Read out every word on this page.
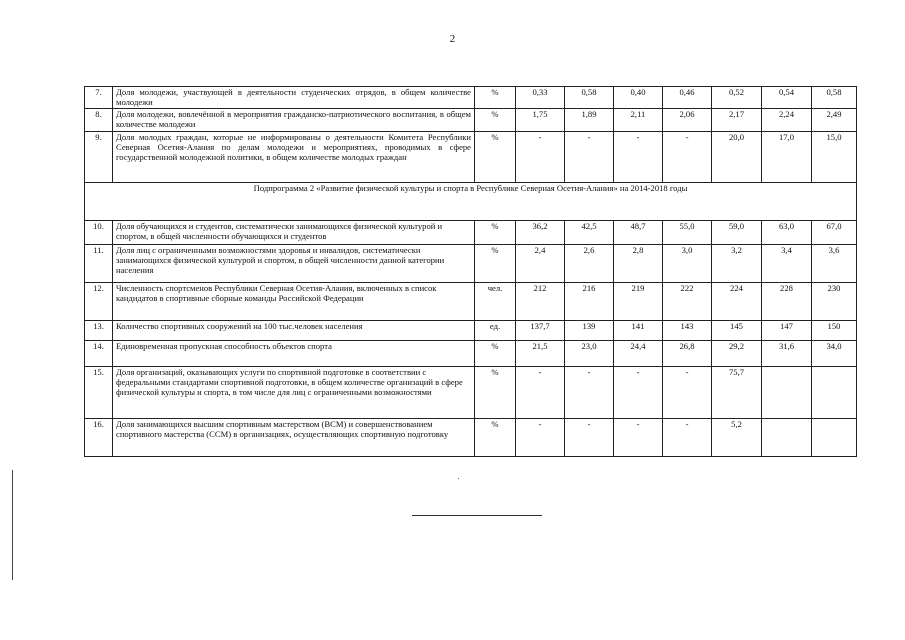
2
7.	Доля молодежи, участвующей в деятельности студенческих отрядов, в общем количестве молодежи	%	0,33	0,58	0,40	0,46	0,52	0,54	0,58
8.	Доля молодежи, вовлечённой в мероприятия гражданско-патриотического воспитания, в общем количестве молодежи	%	1,75	1,89	2,11	2,06	2,17	2,24	2,49
9.	Доля молодых граждан, которые не информированы о деятельности Комитета Республики Северная Осетия-Алания по делам молодежи и мероприятиях, проводимых в сфере государственной молодежной политики, в общем количестве молодых граждан	%	-	-	-	-	20,0	17,0	15,0
Подпрограмма 2 «Развитие физической культуры и спорта в Республике Северная Осетия-Алания» на 2014-2018 годы									
10.	Доля обучающихся и студентов, систематически занимающихся физической культурой и спортом, в общей численности обучающихся и студентов	%	36,2	42,5	48,7	55,0	59,0	63,0	67,0
11.	Доля лиц с ограниченными возможностями здоровья и инвалидов, систематически занимающихся физической культурой и спортом, в общей численности данной категории населения	%	2,4	2,6	2,8	3,0	3,2	3,4	3,6
12.	Численность спортсменов Республики Северная Осетия-Алания, включенных в список кандидатов в спортивные сборные команды Российской Федерации	чел.	212	216	219	222	224	228	230
13.	Количество спортивных сооружений на 100 тыс.человек населения	ед.	137,7	139	141	143	145	147	150
14.	Единовременная пропускная способность объектов спорта	%	21,5	23,0	24,4	26,8	29,2	31,6	34,0
15.	Доля организаций, оказывающих услуги по спортивной подготовке в соответствии с федеральными стандартами спортивной подготовки, в общем количестве организаций в сфере физической культуры и спорта, в том числе для лиц с ограниченными возможностями	%	-	-	-	-	75,7		
16.	Доля занимающихся высшим спортивным мастерством (ВСМ) и совершенствованием спортивного мастерства (ССМ) в организациях, осуществляющих спортивную подготовку	%	-	-	-	-	5,2		
